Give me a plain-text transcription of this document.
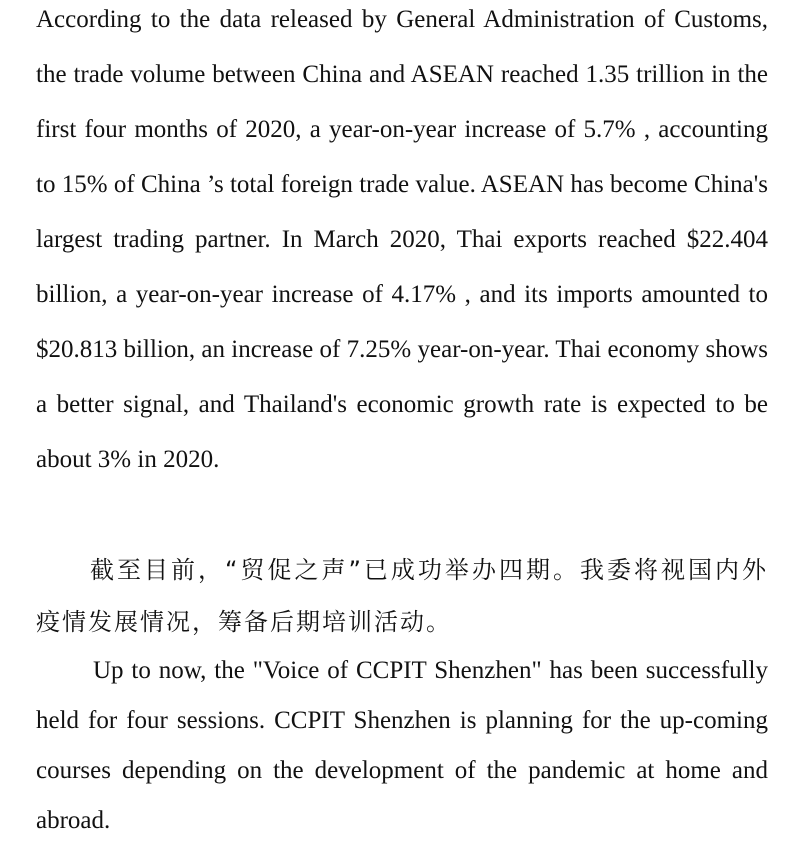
According to the data released by General Administration of Customs, the trade volume between China and ASEAN reached 1.35 trillion in the first four months of 2020, a year-on-year increase of 5.7% , accounting to 15% of China ’s total foreign trade value. ASEAN has become China's largest trading partner. In March 2020, Thai exports reached $22.404 billion, a year-on-year increase of 4.17% , and its imports amounted to $20.813 billion, an increase of 7.25% year-on-year. Thai economy shows a better signal, and Thailand's economic growth rate is expected to be about 3% in 2020.

截至目前，“贸促之声”已成功举办四期。我委将视国内外疫情发展情况，筹备后期培训活动。

Up to now, the "Voice of CCPIT Shenzhen" has been successfully held for four sessions. CCPIT Shenzhen is planning for the up-coming courses depending on the development of the pandemic at home and abroad.
